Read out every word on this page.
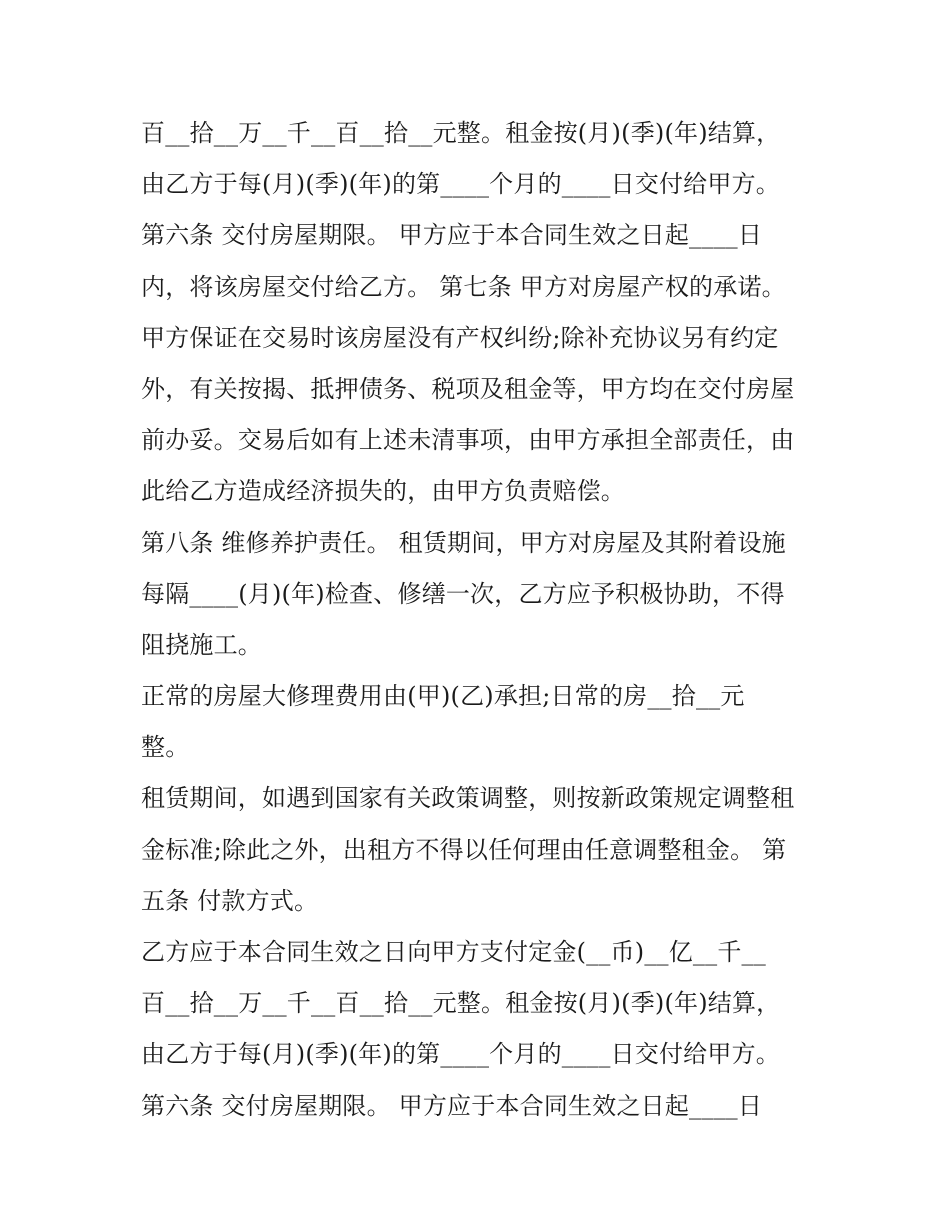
百__拾__万__千__百__拾__元整。租金按(月)(季)(年)结算，
由乙方于每(月)(季)(年)的第____个月的____日交付给甲方。
第六条 交付房屋期限。 甲方应于本合同生效之日起____日
内，将该房屋交付给乙方。 第七条 甲方对房屋产权的承诺。
甲方保证在交易时该房屋没有产权纠纷;除补充协议另有约定
外，有关按揭、抵押债务、税项及租金等，甲方均在交付房屋
前办妥。交易后如有上述未清事项，由甲方承担全部责任，由
此给乙方造成经济损失的，由甲方负责赔偿。
第八条 维修养护责任。 租赁期间，甲方对房屋及其附着设施
每隔____(月)(年)检查、修缮一次，乙方应予积极协助，不得
阻挠施工。
正常的房屋大修理费用由(甲)(乙)承担;日常的房__拾__元
整。
租赁期间，如遇到国家有关政策调整，则按新政策规定调整租
金标准;除此之外，出租方不得以任何理由任意调整租金。 第
五条 付款方式。
乙方应于本合同生效之日向甲方支付定金(__币)__亿__千__
百__拾__万__千__百__拾__元整。租金按(月)(季)(年)结算，
由乙方于每(月)(季)(年)的第____个月的____日交付给甲方。
第六条 交付房屋期限。 甲方应于本合同生效之日起____日
